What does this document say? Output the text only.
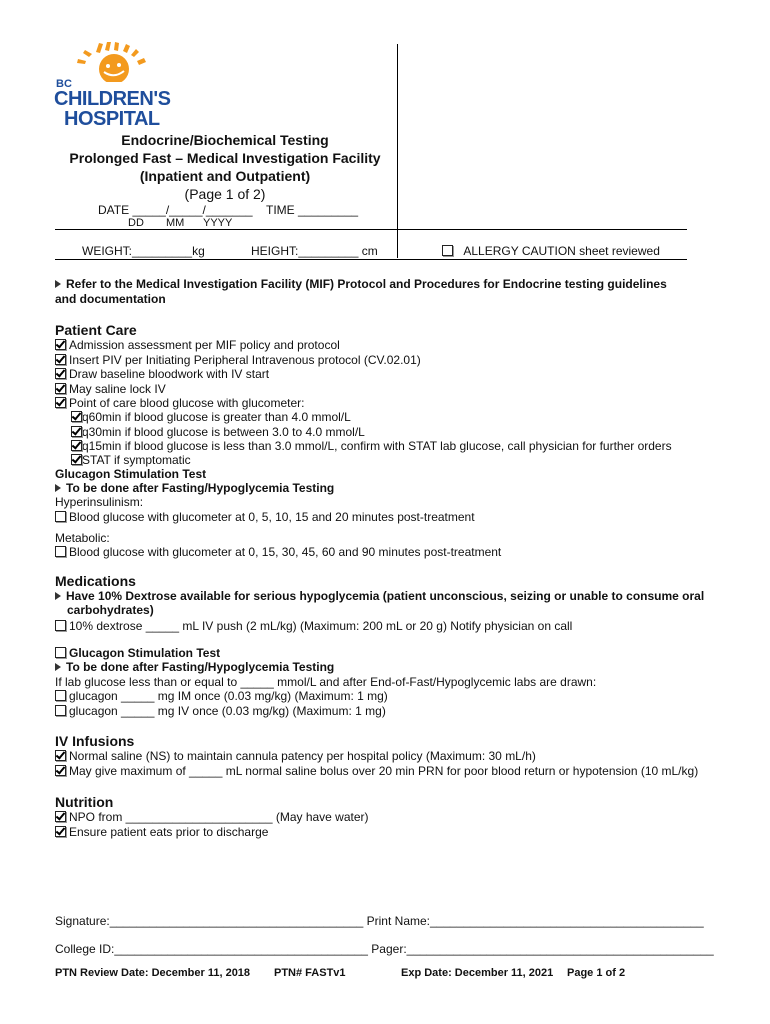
BC
CHILDREN'S
HOSPITAL
Endocrine/Biochemical Testing
Prolonged Fast – Medical Investigation Facility
(Inpatient and Outpatient)
(Page 1 of 2)
DATE _____/_____/_______ TIME _________
DD MM YYYY
WEIGHT:_________kg	HEIGHT:_________ cm	ALLERGY CAUTION sheet reviewed
Refer to the Medical Investigation Facility (MIF) Protocol and Procedures for Endocrine testing guidelines
and documentation
Patient Care
Admission assessment per MIF policy and protocol
Insert PIV per Initiating Peripheral Intravenous protocol (CV.02.01)
Draw baseline bloodwork with IV start
May saline lock IV
Point of care blood glucose with glucometer:
q60min if blood glucose is greater than 4.0 mmol/L
q30min if blood glucose is between 3.0 to 4.0 mmol/L
q15min if blood glucose is less than 3.0 mmol/L, confirm with STAT lab glucose, call physician for further orders
STAT if symptomatic
Glucagon Stimulation Test
To be done after Fasting/Hypoglycemia Testing
Hyperinsulinism:
Blood glucose with glucometer at 0, 5, 10, 15 and 20 minutes post-treatment
Metabolic:
Blood glucose with glucometer at 0, 15, 30, 45, 60 and 90 minutes post-treatment
Medications
Have 10% Dextrose available for serious hypoglycemia (patient unconscious, seizing or unable to consume oral
carbohydrates)
10% dextrose _____ mL IV push (2 mL/kg) (Maximum: 200 mL or 20 g) Notify physician on call
Glucagon Stimulation Test
To be done after Fasting/Hypoglycemia Testing
If lab glucose less than or equal to _____ mmol/L and after End-of-Fast/Hypoglycemic labs are drawn:
glucagon _____ mg IM once (0.03 mg/kg) (Maximum: 1 mg)
glucagon _____ mg IV once (0.03 mg/kg) (Maximum: 1 mg)
IV Infusions
Normal saline (NS) to maintain cannula patency per hospital policy (Maximum: 30 mL/h)
May give maximum of _____ mL normal saline bolus over 20 min PRN for poor blood return or hypotension (10 mL/kg)
Nutrition
NPO from ______________________ (May have water)
Ensure patient eats prior to discharge
Signature:______________________________________ Print Name:_________________________________________
College ID:______________________________________ Pager:______________________________________________
PTN Review Date: December 11, 2018 PTN# FASTv1	Exp Date: December 11, 2021 Page 1 of 2
